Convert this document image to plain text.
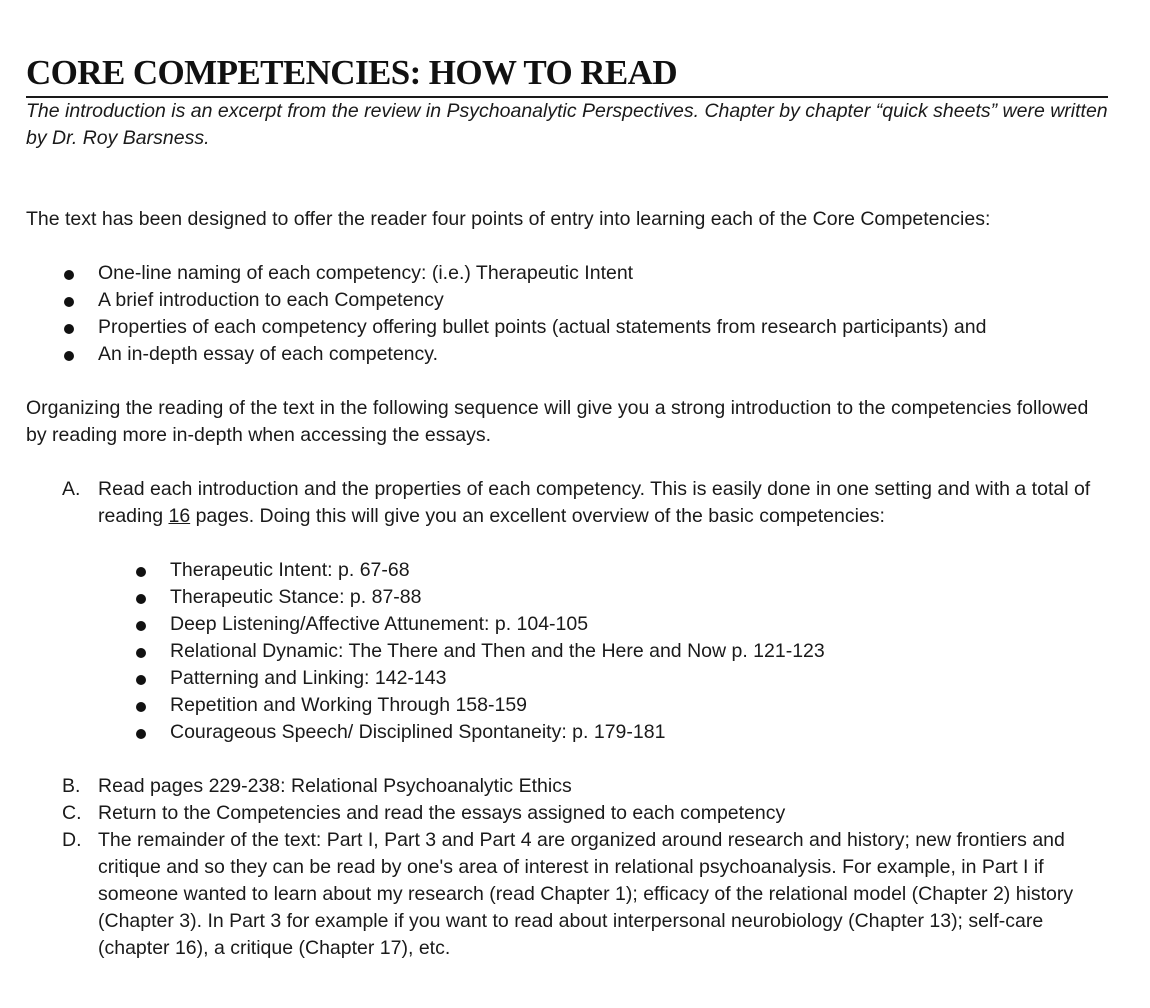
CORE COMPETENCIES: HOW TO READ

The introduction is an excerpt from the review in Psychoanalytic Perspectives. Chapter by chapter “quick sheets” were written by Dr. Roy Barsness.

The text has been designed to offer the reader four points of entry into learning each of the Core Competencies:

One-line naming of each competency: (i.e.) Therapeutic Intent
A brief introduction to each Competency
Properties of each competency offering bullet points (actual statements from research participants) and
An in-depth essay of each competency.

Organizing the reading of the text in the following sequence will give you a strong introduction to the competencies followed by reading more in-depth when accessing the essays.

A. Read each introduction and the properties of each competency. This is easily done in one setting and with a total of reading 16 pages. Doing this will give you an excellent overview of the basic competencies:
Therapeutic Intent: p. 67-68
Therapeutic Stance: p. 87-88
Deep Listening/Affective Attunement: p. 104-105
Relational Dynamic: The There and Then and the Here and Now p. 121-123
Patterning and Linking: 142-143
Repetition and Working Through 158-159
Courageous Speech/ Disciplined Spontaneity: p. 179-181
B. Read pages 229-238: Relational Psychoanalytic Ethics
C. Return to the Competencies and read the essays assigned to each competency
D. The remainder of the text: Part I, Part 3 and Part 4 are organized around research and history; new frontiers and critique and so they can be read by one's area of interest in relational psychoanalysis. For example, in Part I if someone wanted to learn about my research (read Chapter 1); efficacy of the relational model (Chapter 2) history (Chapter 3). In Part 3 for example if you want to read about interpersonal neurobiology (Chapter 13); self-care (chapter 16), a critique (Chapter 17), etc.
